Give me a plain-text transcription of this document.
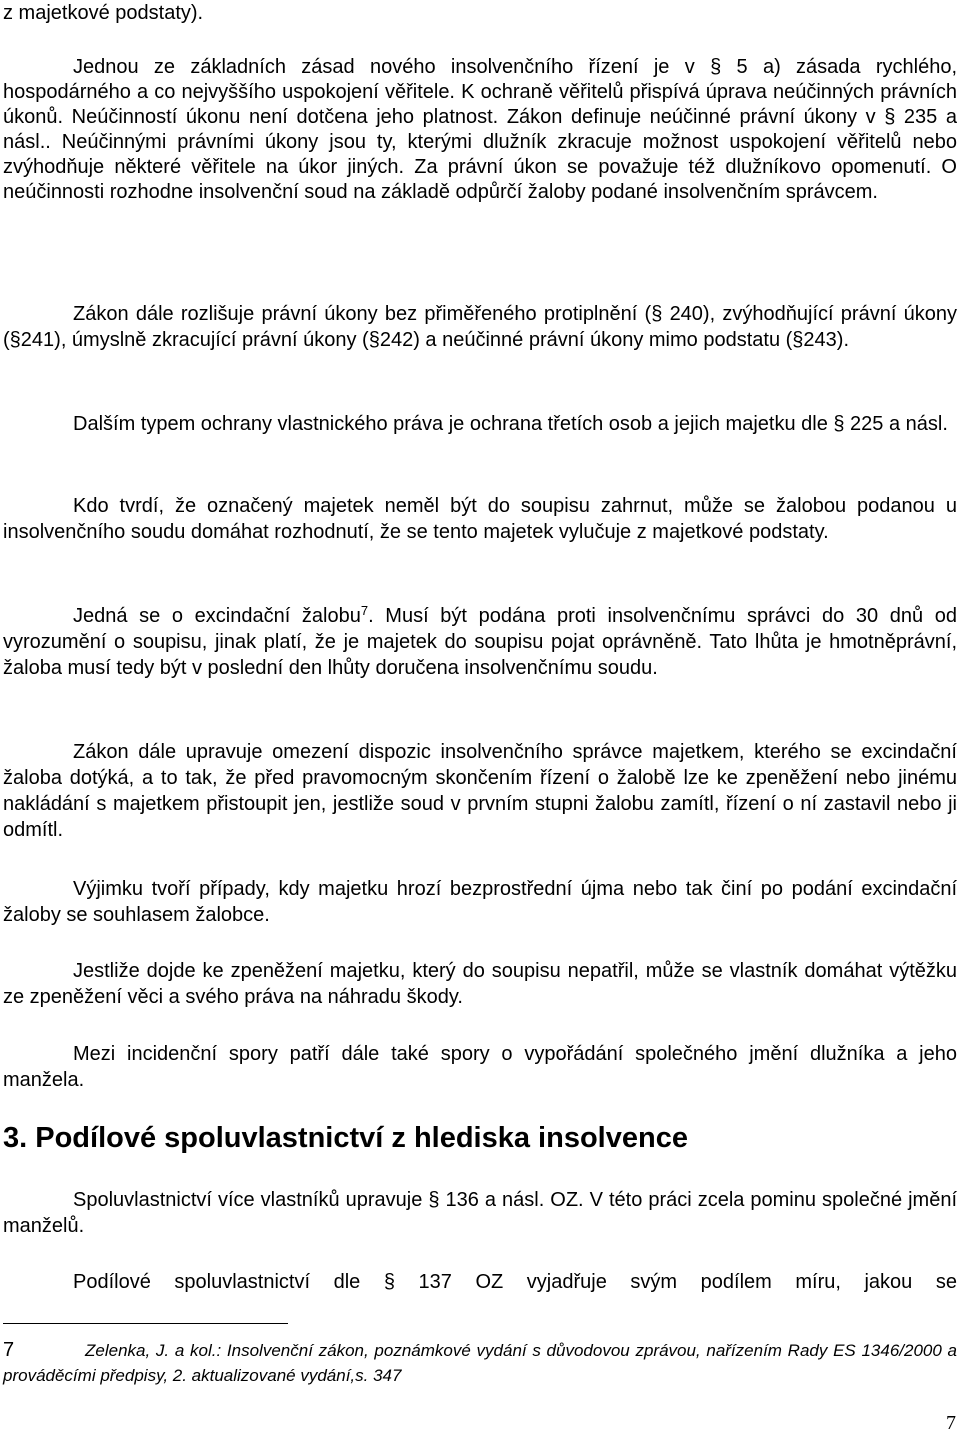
z majetkové podstaty).

Jednou ze základních zásad nového insolvenčního řízení je v § 5 a) zásada rychlého, hospodárného a co nejvyššího uspokojení věřitele. K ochraně věřitelů přispívá úprava neúčinných právních úkonů. Neúčinností úkonu není dotčena jeho platnost. Zákon definuje neúčinné právní úkony v § 235 a násl.. Neúčinnými právními úkony jsou ty, kterými dlužník zkracuje možnost uspokojení věřitelů nebo zvýhodňuje některé věřitele na úkor jiných. Za právní úkon se považuje též dlužníkovo opomenutí. O neúčinnosti rozhodne insolvenční soud na základě odpůrčí žaloby podané insolvenčním správcem.

Zákon dále rozlišuje právní úkony bez přiměřeného protiplnění (§ 240), zvýhodňující právní úkony (§241), úmyslně zkracující právní úkony (§242) a neúčinné právní úkony mimo podstatu (§243).

Dalším typem ochrany vlastnického práva je ochrana třetích osob a jejich majetku dle § 225 a násl.

Kdo tvrdí, že označený majetek neměl být do soupisu zahrnut, může se žalobou podanou u insolvenčního soudu domáhat rozhodnutí, že se tento majetek vylučuje z majetkové podstaty.

Jedná se o excindační žalobu$^7$. Musí být podána proti insolvenčnímu správci do 30 dnů od vyrozumění o soupisu, jinak platí, že je majetek do soupisu pojat oprávněně. Tato lhůta je hmotněprávní, žaloba musí tedy být v poslední den lhůty doručena insolvenčnímu soudu.

Zákon dále upravuje omezení dispozic insolvenčního správce majetkem, kterého se excindační žaloba dotýká, a to tak, že před pravomocným skončením řízení o žalobě lze ke zpeněžení nebo jinému nakládání s majetkem přistoupit jen, jestliže soud v prvním stupni žalobu zamítl, řízení o ní zastavil nebo ji odmítl.

Výjimku tvoří případy, kdy majetku hrozí bezprostřední újma nebo tak činí po podání excindační žaloby se souhlasem žalobce.

Jestliže dojde ke zpeněžení majetku, který do soupisu nepatřil, může se vlastník domáhat výtěžku ze zpeněžení věci a svého práva na náhradu škody.

Mezi incidenční spory patří dále také spory o vypořádání společného jmění dlužníka a jeho manželа.

3. Podílové spoluvlastnictví z hlediska insolvence

Spoluvlastnictví více vlastníků upravuje § 136 a násl. OZ. V této práci zcela pominu společné jmění manželů.

Podílové spoluvlastnictví dle § 137 OZ vyjadřuje svým podílem míru, jakou se

7	Zelenka, J. a kol.: Insolvenční zákon, poznámkové vydání s důvodovou zprávou, nařízením Rady ES 1346/2000 a prováděcími předpisy, 2. aktualizované vydání,s. 347

7
